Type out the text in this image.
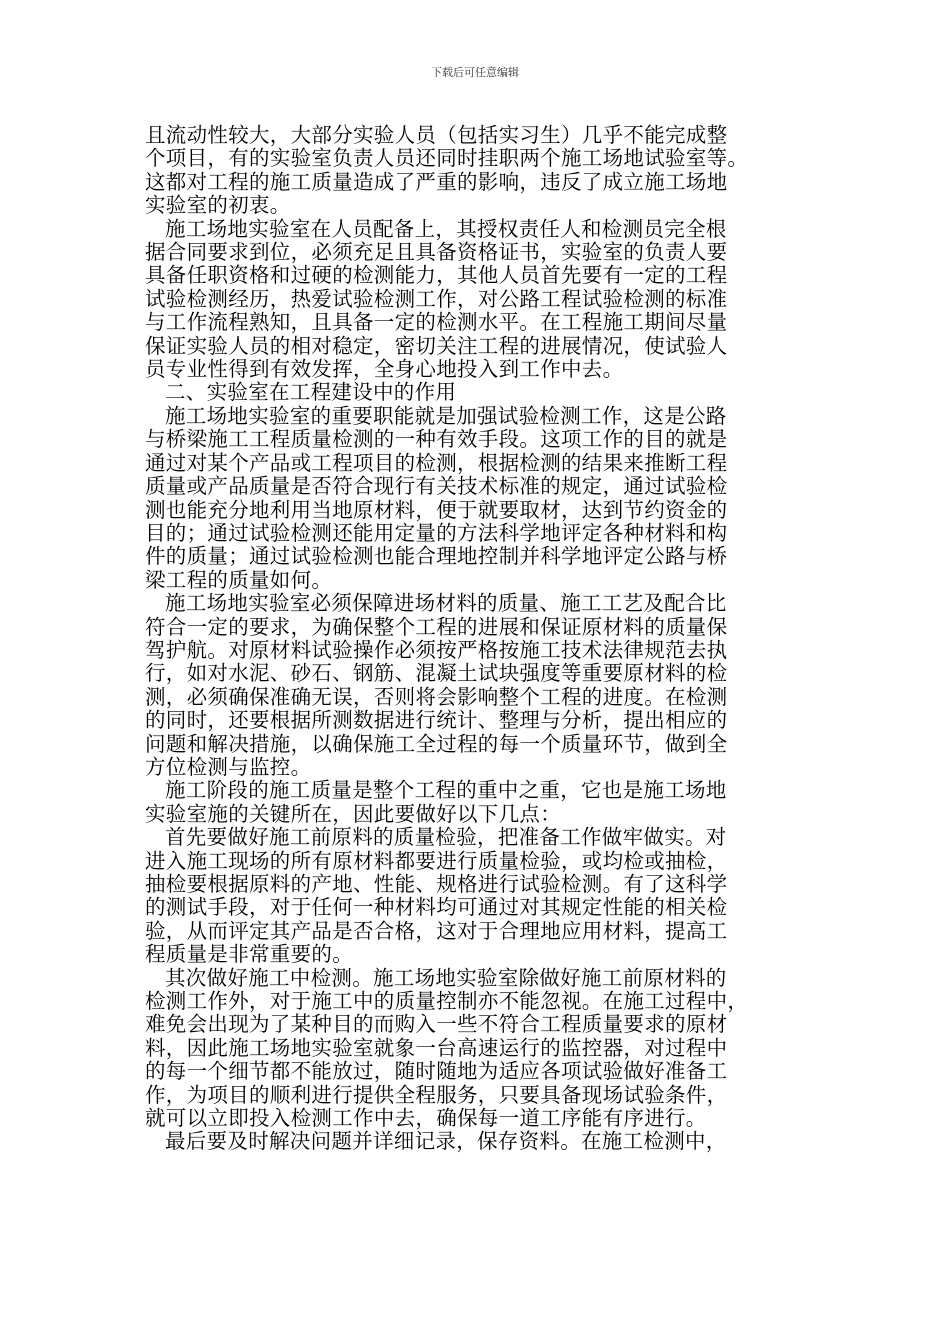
下载后可任意编辑

且流动性较大，大部分实验人员（包括实习生）几乎不能完成整
个项目，有的实验室负责人员还同时挂职两个施工场地试验室等。
这都对工程的施工质量造成了严重的影响，违反了成立施工场地
实验室的初衷。

施工场地实验室在人员配备上，其授权责任人和检测员完全根
据合同要求到位，必须充足且具备资格证书，实验室的负责人要
具备任职资格和过硬的检测能力，其他人员首先要有一定的工程
试验检测经历，热爱试验检测工作，对公路工程试验检测的标准
与工作流程熟知，且具备一定的检测水平。在工程施工期间尽量
保证实验人员的相对稳定，密切关注工程的进展情况，使试验人
员专业性得到有效发挥，全身心地投入到工作中去。

二、实验室在工程建设中的作用

施工场地实验室的重要职能就是加强试验检测工作，这是公路
与桥梁施工工程质量检测的一种有效手段。这项工作的目的就是
通过对某个产品或工程项目的检测，根据检测的结果来推断工程
质量或产品质量是否符合现行有关技术标准的规定，通过试验检
测也能充分地利用当地原材料，便于就要取材，达到节约资金的
目的；通过试验检测还能用定量的方法科学地评定各种材料和构
件的质量；通过试验检测也能合理地控制并科学地评定公路与桥
梁工程的质量如何。

施工场地实验室必须保障进场材料的质量、施工工艺及配合比
符合一定的要求，为确保整个工程的进展和保证原材料的质量保
驾护航。对原材料试验操作必须按严格按施工技术法律规范去执
行，如对水泥、砂石、钢筋、混凝土试块强度等重要原材料的检
测，必须确保准确无误，否则将会影响整个工程的进度。在检测
的同时，还要根据所测数据进行统计、整理与分析，提出相应的
问题和解决措施，以确保施工全过程的每一个质量环节，做到全
方位检测与监控。

施工阶段的施工质量是整个工程的重中之重，它也是施工场地
实验室施的关键所在，因此要做好以下几点：

首先要做好施工前原料的质量检验，把准备工作做牢做实。对
进入施工现场的所有原材料都要进行质量检验，或均检或抽检，
抽检要根据原料的产地、性能、规格进行试验检测。有了这科学
的测试手段，对于任何一种材料均可通过对其规定性能的相关检
验，从而评定其产品是否合格，这对于合理地应用材料，提高工
程质量是非常重要的。

其次做好施工中检测。施工场地实验室除做好施工前原材料的
检测工作外，对于施工中的质量控制亦不能忽视。在施工过程中，
难免会出现为了某种目的而购入一些不符合工程质量要求的原材
料，因此施工场地实验室就象一台高速运行的监控器，对过程中
的每一个细节都不能放过，随时随地为适应各项试验做好准备工
作，为项目的顺利进行提供全程服务，只要具备现场试验条件，
就可以立即投入检测工作中去，确保每一道工序能有序进行。

最后要及时解决问题并详细记录，保存资料。在施工检测中，
